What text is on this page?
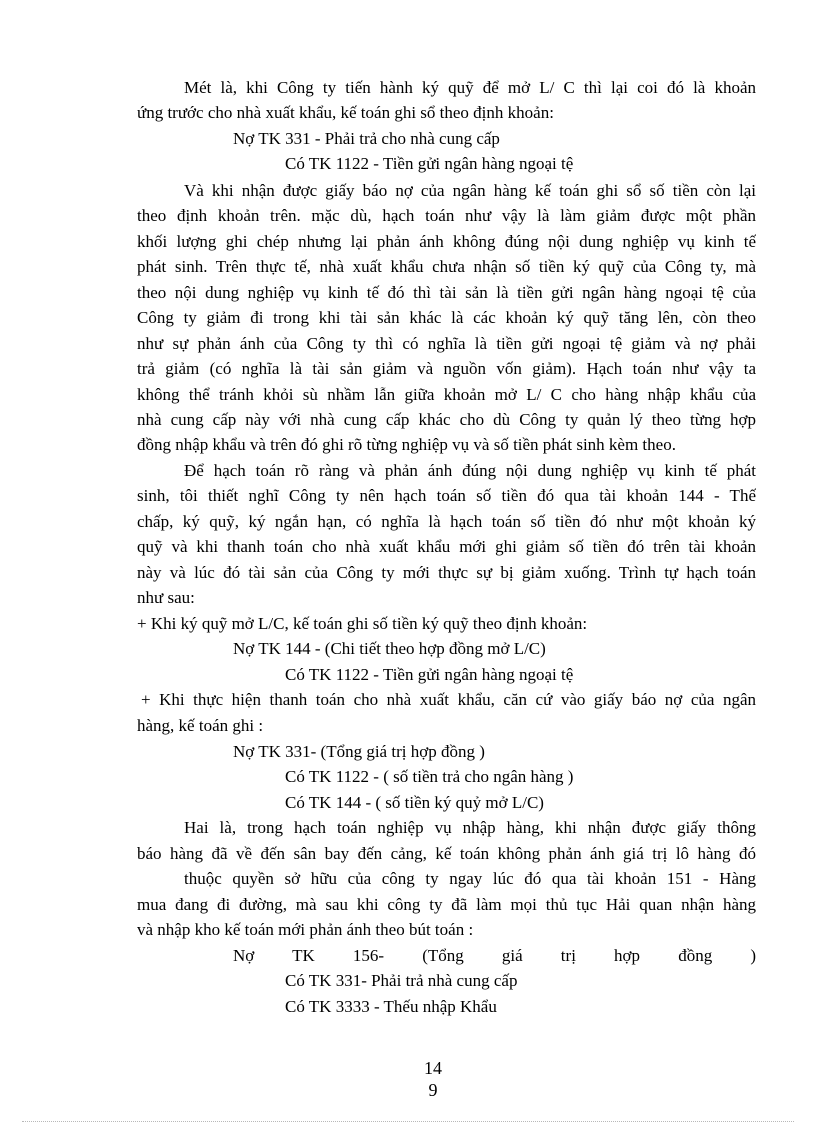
Mét là, khi Công ty tiến hành ký quỹ để mở L/ C thì lại coi đó là khoản
ứng trước cho nhà xuất khẩu, kế toán ghi sổ theo định khoản:
Nợ TK 331 - Phải trả cho nhà cung cấp
Có TK 1122 - Tiền gửi ngân hàng ngoại tệ
Và khi nhận được giấy báo nợ của ngân hàng kế toán ghi sổ số tiền còn lại
theo định khoản trên. mặc dù, hạch toán như vậy là làm giảm được một phần
khối lượng ghi chép nhưng lại phản ánh không đúng nội dung nghiệp vụ kinh tế
phát sinh. Trên thực tế, nhà xuất khẩu chưa nhận số tiền ký quỹ của Công ty, mà
theo nội dung nghiệp vụ kinh tế đó thì tài sản là tiền gửi ngân hàng ngoại tệ của
Công ty giảm đi trong khi tài sản khác là các khoản ký quỹ tăng lên, còn theo
như sự phản ánh của Công ty thì có nghĩa là tiền gửi ngoại tệ giảm và nợ phải
trả giảm (có nghĩa là tài sản giảm và nguồn vốn giảm). Hạch toán như vậy ta
không thể tránh khỏi sù nhầm lẫn giữa khoản mở L/ C cho hàng nhập khẩu của
nhà cung cấp này với nhà cung cấp khác cho dù Công ty quản lý theo từng hợp
đồng nhập khẩu và trên đó ghi rõ từng nghiệp vụ và số tiền phát sinh kèm theo.
Để hạch toán rõ ràng và phản ánh đúng nội dung nghiệp vụ kinh tế phát
sinh, tôi thiết nghĩ Công ty nên hạch toán số tiền đó qua tài khoản 144 - Thế
chấp, ký quỹ, ký ngắn hạn, có nghĩa là hạch toán số tiền đó như một khoản ký
quỹ và khi thanh toán cho nhà xuất khẩu mới ghi giảm số tiền đó trên tài khoản
này và lúc đó tài sản của Công ty mới thực sự bị giảm xuống. Trình tự hạch toán
như sau:
+ Khi ký quỹ mở L/C, kế toán ghi số tiền ký quỹ theo định khoản:
Nợ TK 144 - (Chi tiết theo hợp đồng mở L/C)
Có TK 1122 - Tiền gửi ngân hàng ngoại tệ
+ Khi thực hiện thanh toán cho nhà xuất khẩu, căn cứ vào giấy báo nợ của ngân
hàng, kế toán ghi :
Nợ TK 331- (Tổng giá trị hợp đồng )
Có TK 1122 - ( số tiền trả cho ngân hàng )
Có TK 144 - ( số tiền ký quỷ mở L/C)
Hai là, trong hạch toán nghiệp vụ nhập hàng, khi nhận được giấy thông
báo hàng đã về đến sân bay đến cảng, kế toán không phản ánh giá trị lô hàng đó
thuộc quyền sở hữu của công ty ngay lúc đó qua tài khoản 151 - Hàng
mua đang đi đường, mà sau khi công ty đã làm mọi thủ tục Hải quan nhận hàng
và nhập kho kế toán mới phản ánh theo bút toán :
Nợ TK 156- (Tổng giá trị hợp đồng )
Có TK 331- Phải trả nhà cung cấp
Có TK 3333 - Thếu nhập Khẩu
14
9
